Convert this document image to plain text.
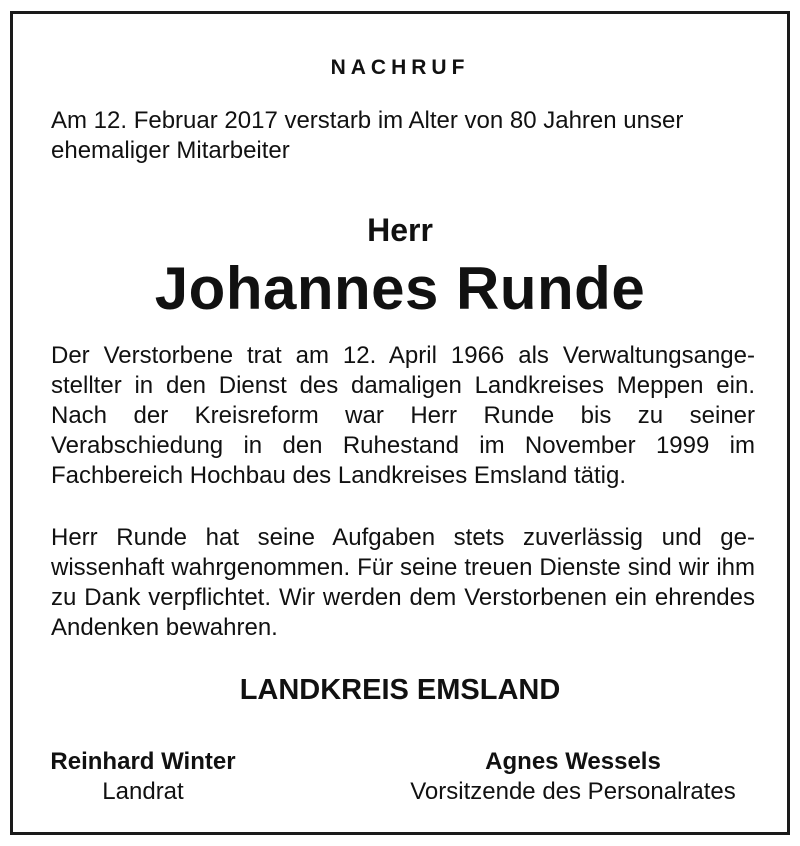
NACHRUF
Am 12. Februar 2017 verstarb im Alter von 80 Jahren unser ehemaliger Mitarbeiter
Herr
Johannes Runde
Der Verstorbene trat am 12. April 1966 als Verwaltungsangestellter in den Dienst des damaligen Landkreises Meppen ein. Nach der Kreisreform war Herr Runde bis zu seiner Verabschiedung in den Ruhestand im November 1999 im Fachbereich Hochbau des Landkreises Emsland tätig.
Herr Runde hat seine Aufgaben stets zuverlässig und gewissenhaft wahrgenommen. Für seine treuen Dienste sind wir ihm zu Dank verpflichtet. Wir werden dem Verstorbenen ein ehrendes Andenken bewahren.
LANDKREIS EMSLAND
Reinhard Winter
Landrat
Agnes Wessels
Vorsitzende des Personalrates
